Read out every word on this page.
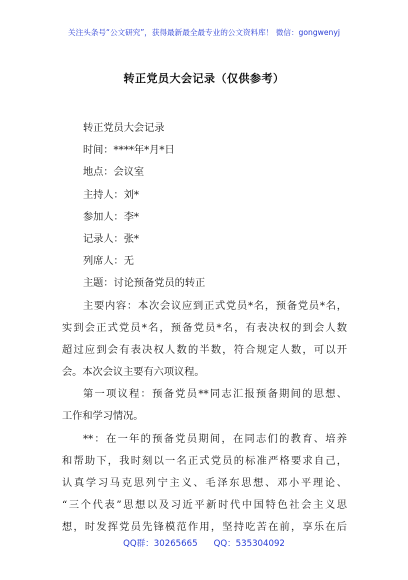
关注头条号“公文研究”，获得最新最全最专业的公文资料库！ 微信：gongwenyj
转正党员大会记录（仅供参考）
转正党员大会记录
时间：****年*月*日
地点：会议室
主持人：刘*
参加人：李*
记录人：张*
列席人：无
主题：讨论预备党员的转正
主要内容：本次会议应到正式党员*名，预备党员*名，
实到会正式党员*名，预备党员*名，有表决权的到会人数
超过应到会有表决权人数的半数，符合规定人数，可以开
会。本次会议主要有六项议程。
第一项议程：预备党员**同志汇报预备期间的思想、
工作和学习情况。
**：在一年的预备党员期间，在同志们的教育、培养
和帮助下，我时刻以一名正式党员的标准严格要求自己，
认真学习马克思列宁主义、毛泽东思想、邓小平理论、
“三个代表”思想以及习近平新时代中国特色社会主义思
想，时发挥党员先锋模范作用，坚持吃苦在前，享乐在后
QQ群：30265665 QQ：535304092
